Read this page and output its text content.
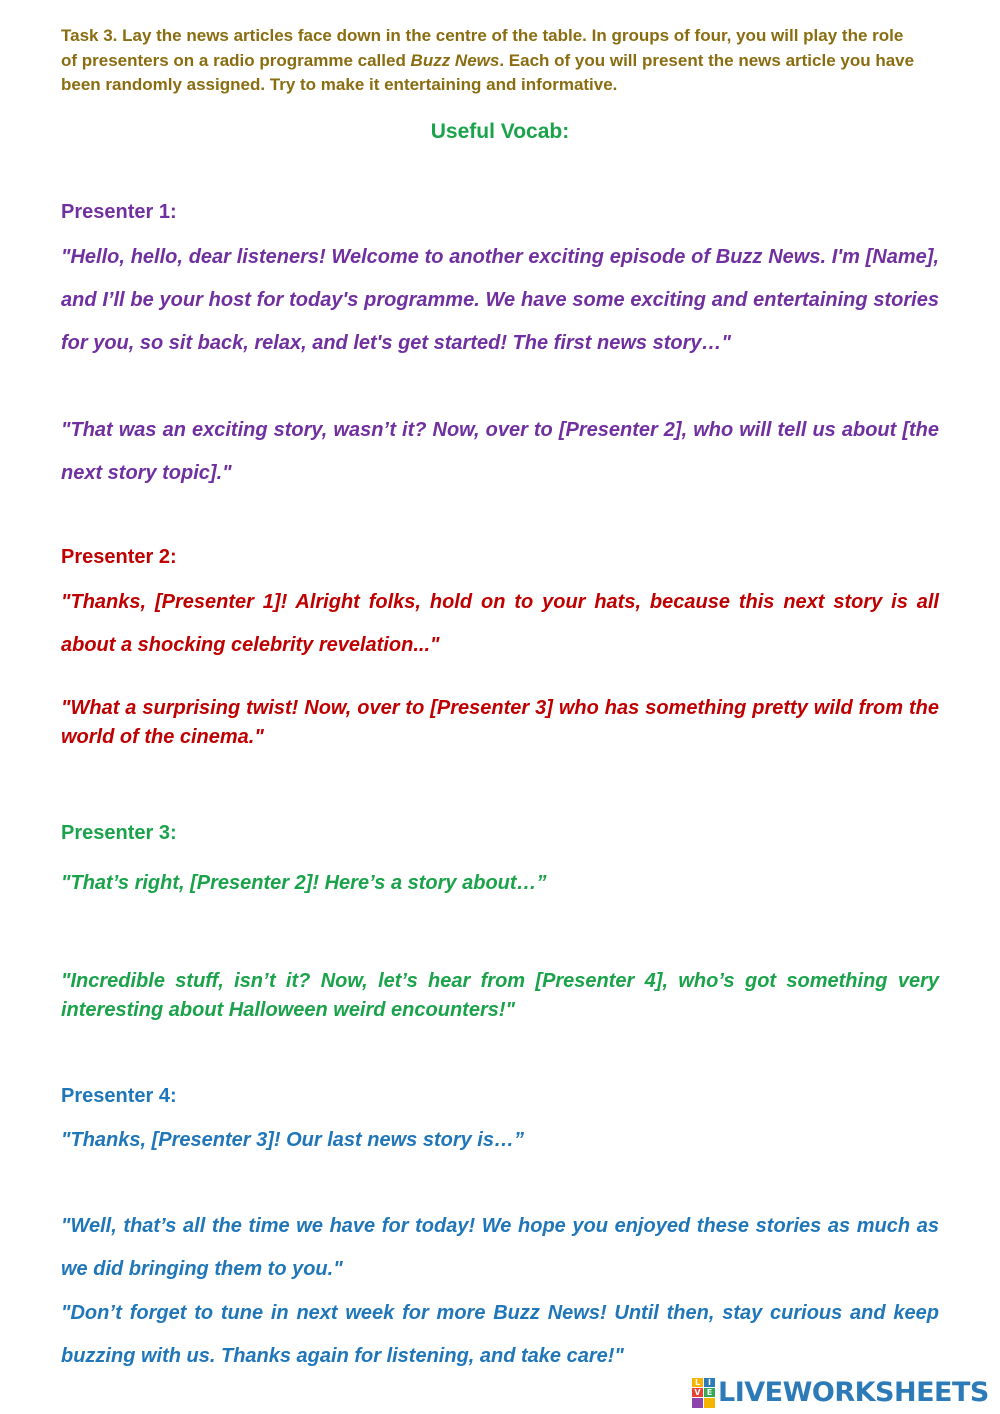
Task 3. Lay the news articles face down in the centre of the table. In groups of four, you will play the role of presenters on a radio programme called Buzz News. Each of you will present the news article you have been randomly assigned. Try to make it entertaining and informative.
Useful Vocab:
Presenter 1:
"Hello, hello, dear listeners! Welcome to another exciting episode of Buzz News. I'm [Name], and I’ll be your host for today's programme. We have some exciting and entertaining stories for you, so sit back, relax, and let's get started! The first news story…"
"That was an exciting story, wasn’t it? Now, over to [Presenter 2], who will tell us about [the next story topic]."
Presenter 2:
"Thanks, [Presenter 1]! Alright folks, hold on to your hats, because this next story is all about a shocking celebrity revelation..."
"What a surprising twist! Now, over to [Presenter 3] who has something pretty wild from the world of the cinema."
Presenter 3:
"That’s right, [Presenter 2]! Here’s a story about…”
"Incredible stuff, isn’t it? Now, let’s hear from [Presenter 4], who’s got something very interesting about Halloween weird encounters!"
Presenter 4:
"Thanks, [Presenter 3]! Our last news story is…”
"Well, that’s all the time we have for today! We hope you enjoyed these stories as much as we did bringing them to you."
"Don’t forget to tune in next week for more Buzz News! Until then, stay curious and keep buzzing with us. Thanks again for listening, and take care!"
L I
V E LIVEWORKSHEETS
